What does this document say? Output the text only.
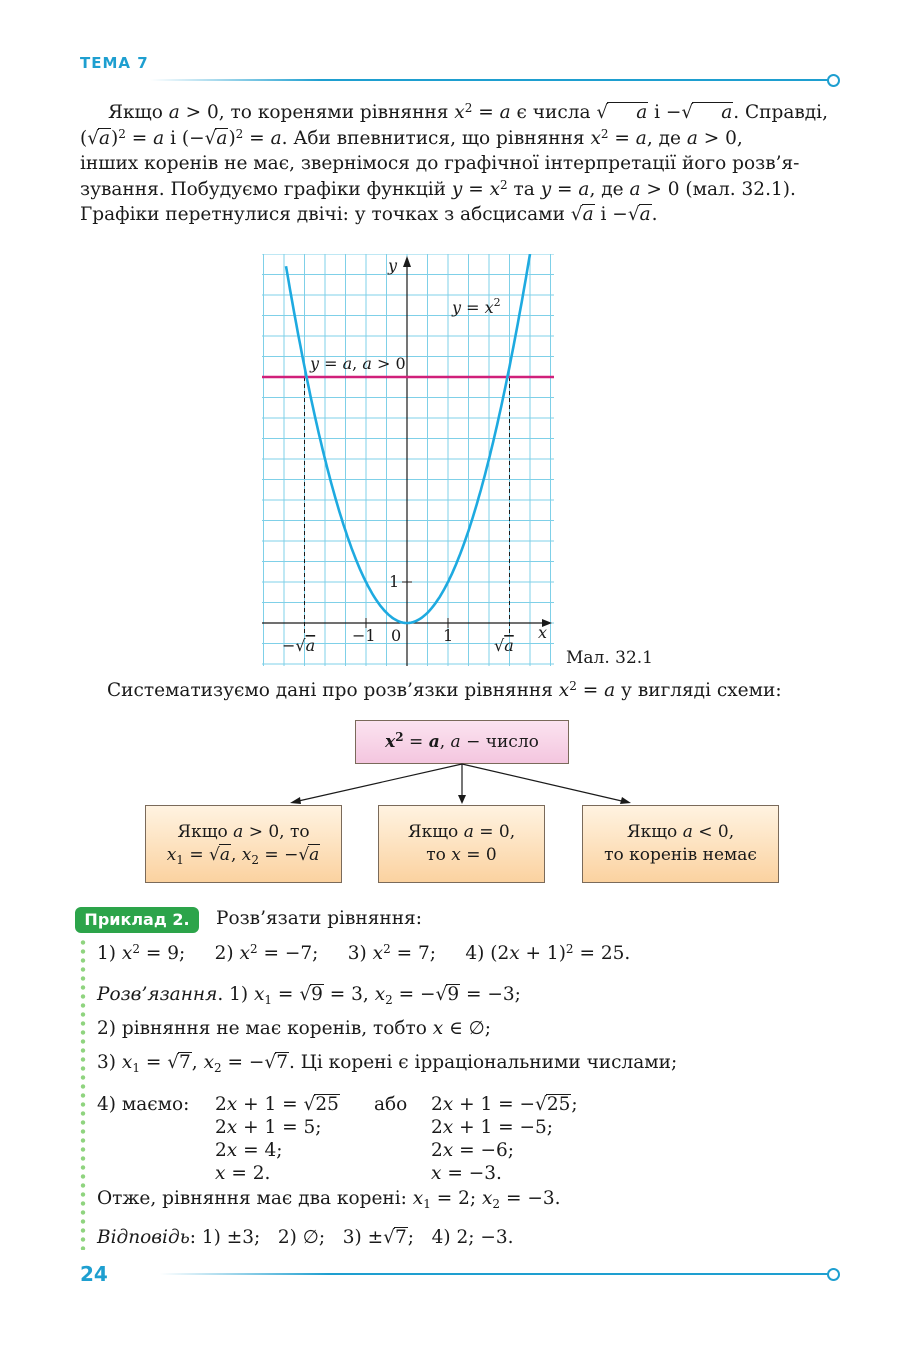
ТЕМА 7
Якщо a > 0, то коренями рівняння $x^2 = a$ є числа √ a і −√ a. Справді,
$(√a)^2 = a$ і $(-√a)^2 = a$. Аби впевнитися, що рівняння $x^2 = a$, де a > 0,
інших коренів не має, звернімося до графічної інтерпретації його розв’я-
зування. Побудуємо графіки функцій $y = x^2$ та y = a, де a > 0 (мал. 32.1).
Графіки перетнулися двічі: у точках з абсцисами √a і −√a.
$y = x^2$
y = a, a > 0
x
y
−√a
−1 0	1
1
√a
Мал. 32.1
Систематизуємо дані про розв’язки рівняння $x^2 = a$ у вигляді схеми:
$x^2 = a$, a − число
Якщо a > 0, то
$x_1 = √a$, $x_2 = -√a$
Якщо a = 0,
то x = 0
Якщо a < 0,
то коренів немає
Приклад 2.	Розв’язати рівняння:
1) $x^2 = 9$;     2) $x^2 = -7$;     3) $x^2 = 7$;     4) $(2x + 1)^2 = 25$.
Розв’язання. 1) $x_1 = √9 = 3$, $x_2 = -√9 = -3$;
2) рівняння не має коренів, тобто x ∈ ∅;
3) $x_1 = √7$, $x_2 = -√7$. Ці корені є ірраціональними числами;
4) маємо: 2x + 1 = √25
2x + 1 = 5;
2x = 4;
x = 2.
або 2x + 1 = −√25;
2x + 1 = −5;
2x = −6;
x = −3.
Отже, рівняння має два корені: $x_1 = 2$; $x_2 = -3$.
Відповідь: 1) ±3;   2) ∅;   3) ±√7;   4) 2; −3.
24
